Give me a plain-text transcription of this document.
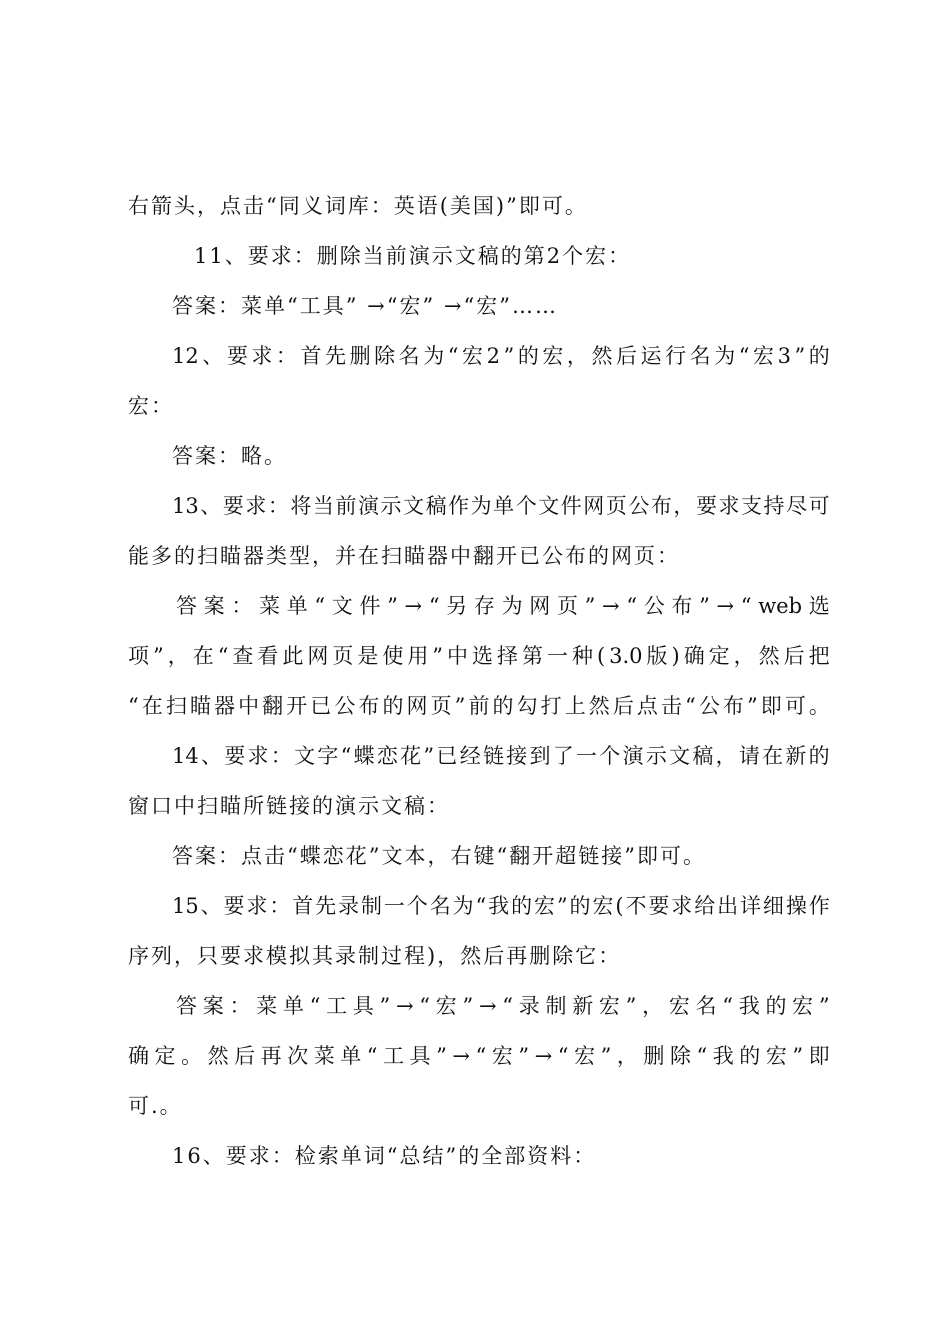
右箭头，点击“同义词库：英语(美国)”即可。
11、要求：删除当前演示文稿的第2个宏：
答案：菜单“工具” →“宏” →“宏”……
12 、 要 求 ： 首 先 删 除 名 为 “ 宏 2 ” 的 宏 ， 然 后 运 行 名 为 “ 宏 3 ” 的
宏：
答案：略。
13 、 要 求 ： 将 当 前 演 示 文 稿 作 为 单 个 文 件 网 页 公 布 ， 要 求 支 持 尽 可
能多的扫瞄器类型，并在扫瞄器中翻开已公布的网页：
答 案 ： 菜 单 “ 文 件 ” → “ 另 存 为 网 页 ” → “ 公 布 ” → “ web 选
项 ” ， 在 “ 查 看 此 网 页 是 使 用 ” 中 选 择 第 一 种 ( 3.0 版 ) 确 定 ， 然 后 把
“ 在 扫 瞄 器 中 翻 开 已 公 布 的 网 页 ” 前 的 勾 打 上 然 后 点 击 “ 公 布 ” 即 可 。
14 、 要 求 ： 文 字 “ 蝶 恋 花 ” 已 经 链 接 到 了 一 个 演 示 文 稿 ， 请 在 新 的
窗口中扫瞄所链接的演示文稿：
答案：点击“蝶恋花”文本，右键“翻开超链接”即可。
15 、 要 求 ： 首 先 录 制 一 个 名 为 “ 我 的 宏 ” 的 宏 ( 不 要 求 给 出 详 细 操 作
序列，只要求模拟其录制过程)，然后再删除它：
答 案 ： 菜 单 “ 工 具 ” → “ 宏 ” → “ 录 制 新 宏 ” ， 宏 名 “ 我 的 宏 ”
确 定 。 然 后 再 次 菜 单 “ 工 具 ” → “ 宏 ” → “ 宏 ” ， 删 除 “ 我 的 宏 ” 即
可.。
16、要求：检索单词“总结”的全部资料：
